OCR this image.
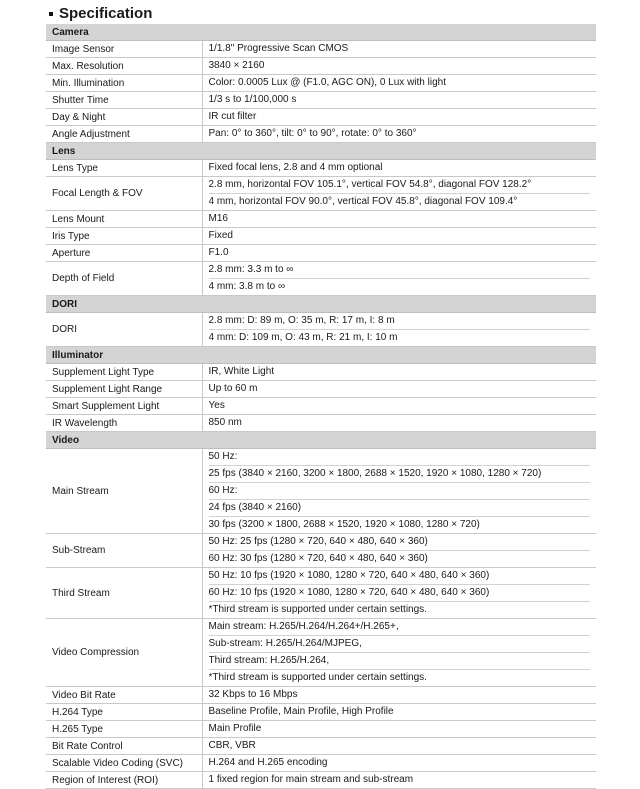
Specification
Camera	
Image Sensor	1/1.8" Progressive Scan CMOS

Max. Resolution	3840 × 2160

Min. Illumination	Color: 0.0005 Lux @ (F1.0, AGC ON), 0 Lux with light

Shutter Time	1/3 s to 1/100,000 s

Day & Night	IR cut filter

Angle Adjustment	Pan: 0° to 360°, tilt: 0° to 90°, rotate: 0° to 360°

Lens	
Lens Type	Fixed focal lens, 2.8 and 4 mm optional

Focal Length & FOV	2.8 mm, horizontal FOV 105.1°, vertical FOV 54.8°, diagonal FOV 128.2°
4 mm, horizontal FOV 90.0°, vertical FOV 45.8°, diagonal FOV 109.4°

Lens Mount	M16

Iris Type	Fixed

Aperture	F1.0

Depth of Field	2.8 mm: 3.3 m to ∞
4 mm: 3.8 m to ∞

DORI	
DORI	2.8 mm: D: 89 m, O: 35 m, R: 17 m, I: 8 m
4 mm: D: 109 m, O: 43 m, R: 21 m, I: 10 m

Illuminator	
Supplement Light Type	IR, White Light

Supplement Light Range	Up to 60 m

Smart Supplement Light	Yes

IR Wavelength	850 nm

Video	
Main Stream	50 Hz:
25 fps (3840 × 2160, 3200 × 1800, 2688 × 1520, 1920 × 1080, 1280 × 720)
60 Hz:
24 fps (3840 × 2160)
30 fps (3200 × 1800, 2688 × 1520, 1920 × 1080, 1280 × 720)

Sub-Stream	50 Hz: 25 fps (1280 × 720, 640 × 480, 640 × 360)
60 Hz: 30 fps (1280 × 720, 640 × 480, 640 × 360)

Third Stream	50 Hz: 10 fps (1920 × 1080, 1280 × 720, 640 × 480, 640 × 360)
60 Hz: 10 fps (1920 × 1080, 1280 × 720, 640 × 480, 640 × 360)
*Third stream is supported under certain settings.

Video Compression	Main stream: H.265/H.264/H.264+/H.265+,
Sub-stream: H.265/H.264/MJPEG,
Third stream: H.265/H.264,
*Third stream is supported under certain settings.

Video Bit Rate	32 Kbps to 16 Mbps

H.264 Type	Baseline Profile, Main Profile, High Profile

H.265 Type	Main Profile

Bit Rate Control	CBR, VBR

Scalable Video Coding (SVC)	H.264 and H.265 encoding

Region of Interest (ROI)	1 fixed region for main stream and sub-stream
